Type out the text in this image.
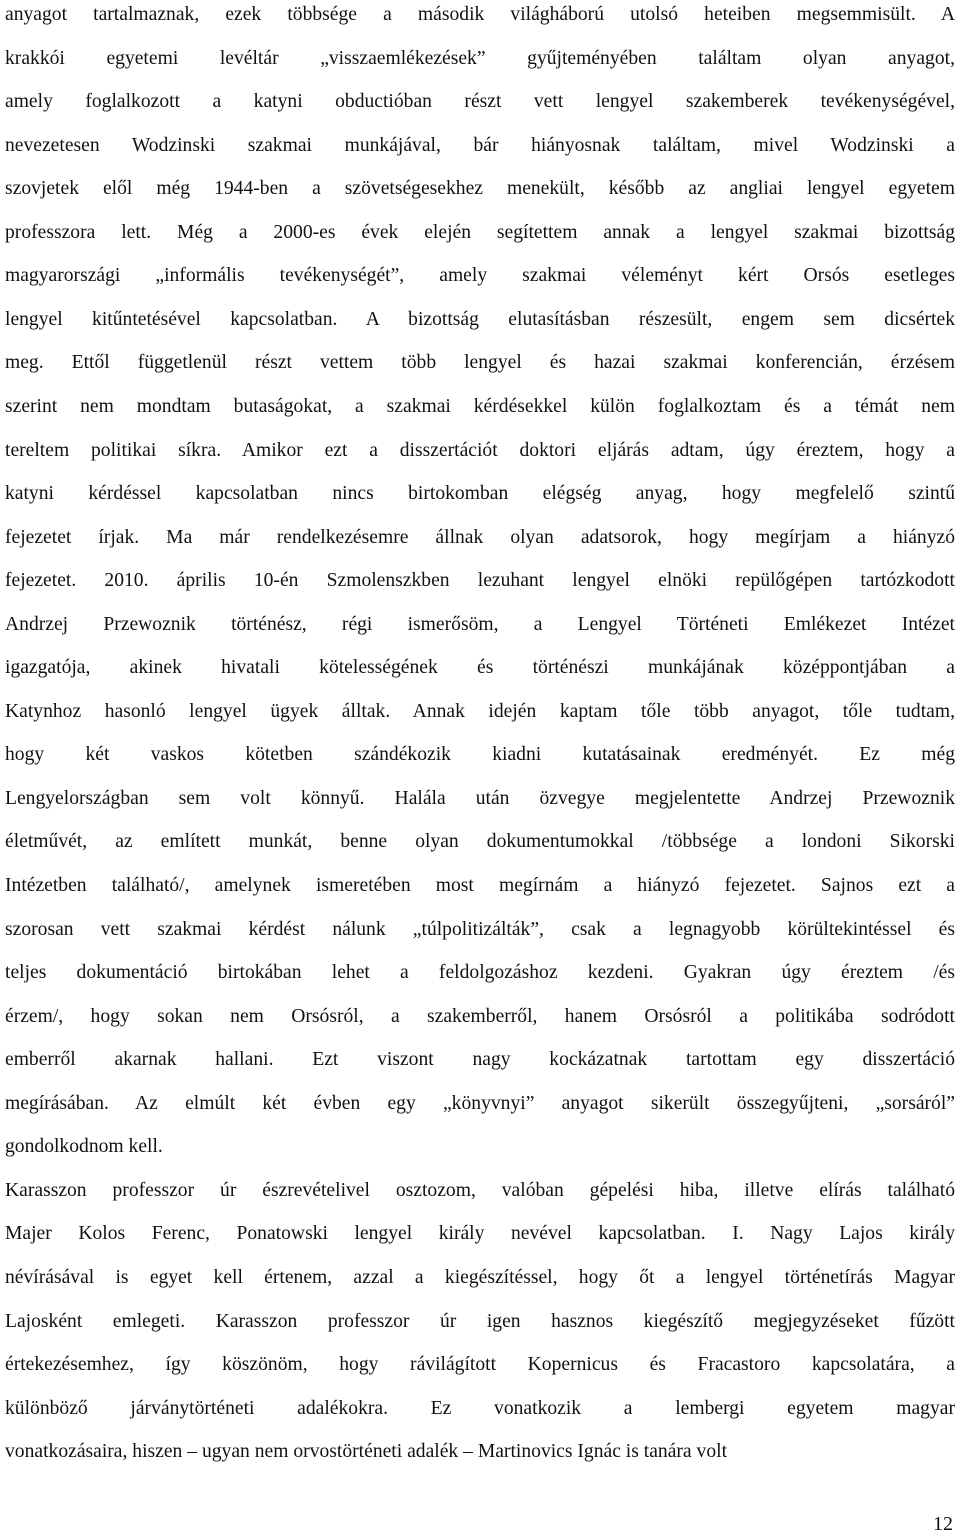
anyagot tartalmaznak, ezek többsége a második világháború utolsó heteiben megsemmisült. A
krakkói egyetemi levéltár „visszaemlékezések” gyűjteményében találtam olyan anyagot,
amely foglalkozott a katyni obductióban részt vett lengyel szakemberek tevékenységével,
nevezetesen Wodzinski szakmai munkájával, bár hiányosnak találtam, mivel Wodzinski a
szovjetek elől még 1944-ben a szövetségesekhez menekült, később az angliai lengyel egyetem
professzora lett. Még a 2000-es évek elején segítettem annak a lengyel szakmai bizottság
magyarországi „informális tevékenységét”, amely szakmai véleményt kért Orsós esetleges
lengyel kitűntetésével kapcsolatban. A bizottság elutasításban részesült, engem sem dicsértek
meg. Ettől függetlenül részt vettem több lengyel és hazai szakmai konferencián, érzésem
szerint nem mondtam butaságokat, a szakmai kérdésekkel külön foglalkoztam és a témát nem
tereltem politikai síkra. Amikor ezt a disszertációt doktori eljárás adtam, úgy éreztem, hogy a
katyni kérdéssel kapcsolatban nincs birtokomban elégség anyag, hogy megfelelő szintű
fejezetet írjak. Ma már rendelkezésemre állnak olyan adatsorok, hogy megírjam a hiányzó
fejezetet. 2010. április 10-én Szmolenszkben lezuhant lengyel elnöki repülőgépen tartózkodott
Andrzej Przewoznik történész, régi ismerősöm, a Lengyel Történeti Emlékezet Intézet
igazgatója, akinek hivatali kötelességének és történészi munkájának középpontjában a
Katynhoz hasonló lengyel ügyek álltak. Annak idején kaptam tőle több anyagot, tőle tudtam,
hogy két vaskos kötetben szándékozik kiadni kutatásainak eredményét. Ez még
Lengyelországban sem volt könnyű. Halála után özvegye megjelentette Andrzej Przewoznik
életművét, az említett munkát, benne olyan dokumentumokkal /többsége a londoni Sikorski
Intézetben található/, amelynek ismeretében most megírnám a hiányzó fejezetet. Sajnos ezt a
szorosan vett szakmai kérdést nálunk „túlpolitizálták”, csak a legnagyobb körültekintéssel és
teljes dokumentáció birtokában lehet a feldolgozáshoz kezdeni. Gyakran úgy éreztem /és
érzem/, hogy sokan nem Orsósról, a szakemberről, hanem Orsósról a politikába sodródott
emberről akarnak hallani. Ezt viszont nagy kockázatnak tartottam egy disszertáció
megírásában. Az elmúlt két évben egy „könyvnyi” anyagot sikerült összegyűjteni, „sorsáról”
gondolkodnom kell.
Karasszon professzor úr észrevételivel osztozom, valóban gépelési hiba, illetve elírás található
Majer Kolos Ferenc, Ponatowski lengyel király nevével kapcsolatban. I. Nagy Lajos király
névírásával is egyet kell értenem, azzal a kiegészítéssel, hogy őt a lengyel történetírás Magyar
Lajosként emlegeti. Karasszon professzor úr igen hasznos kiegészítő megjegyzéseket fűzött
értekezésemhez, így köszönöm, hogy rávilágított Kopernicus és Fracastoro kapcsolatára, a
különböző járványtörténeti adalékokra. Ez vonatkozik a lembergi egyetem magyar
vonatkozásaira, hiszen – ugyan nem orvostörténeti adalék – Martinovics Ignác is tanára volt
12
